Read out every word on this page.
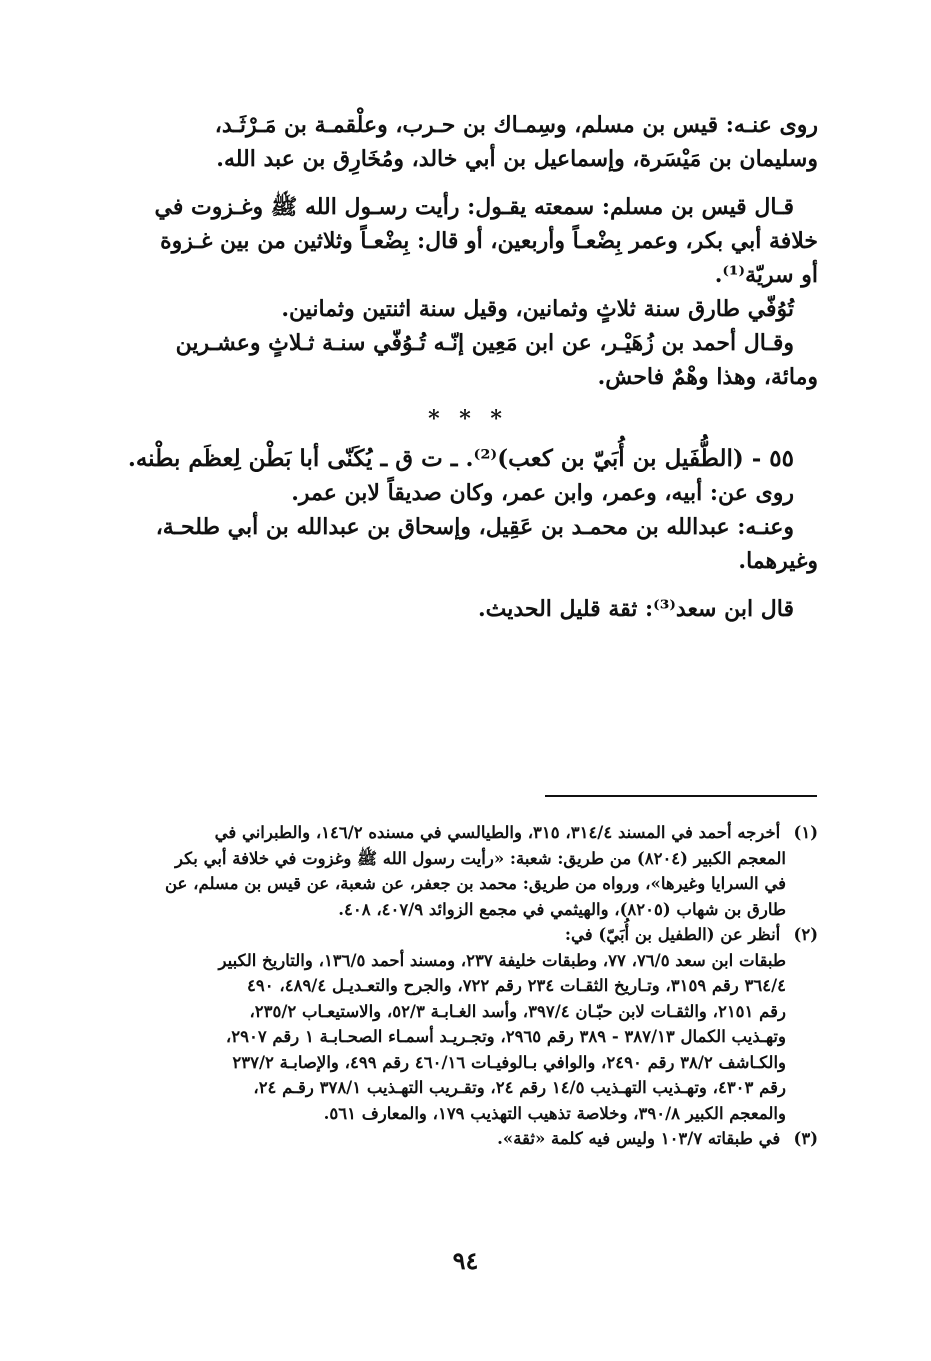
روى عنـه: قيس بن مسلم، وسِمـاك بن حـرب، وعلْقمـة بن مَـرْثَـد،

وسليمان بن مَيْسَرة، وإسماعيل بن أبي خالد، ومُخَارِق بن عبد الله.

قـال قيس بن مسلم: سمعته يقـول: رأيت رسـول الله ﷺ وغـزوت في

خلافة أبي بكر، وعمر بِضْعـاً وأربعين، أو قال: بِضْعـاً وثلاثين من بين غـزوة

أو سريّة⁽¹⁾.

تُوُفّي طارق سنة ثلاثٍ وثمانين، وقيل سنة اثنتين وثمانين.

وقـال أحمد بن زُهَيْـر، عن ابن مَعِين إنّـه تُـوُفّي سنـة ثـلاثٍ وعشـرين

ومائة، وهذا وهْمٌ فاحش.

* * *

٥٥ - (الطُّفَيل بن أُبَيّ بن كعب)⁽²⁾. ـ ت ق ـ يُكَنّى أبا بَطْن لِعظَم بطْنه.

روى عن: أبيه، وعمر، وابن عمر، وكان صديقاً لابن عمر.

وعنـه: عبدالله بن محمـد بن عَقِيل، وإسحاق بن عبدالله بن أبي طلحـة،

وغيرهما.

قال ابن سعد⁽³⁾: ثقة قليل الحديث.

(١) أخرجه أحمد في المسند ٣١٤/٤، ٣١٥، والطيالسي في مسنده ١٤٦/٢، والطبراني في

المعجم الكبير (٨٢٠٤) من طريق: شعبة: «رأيت رسول الله ﷺ وغزوت في خلافة أبي بكر

في السرايا وغيرها»، ورواه من طريق: محمد بن جعفر، عن شعبة، عن قيس بن مسلم، عن

طارق بن شهاب (٨٢٠٥)، والهيثمي في مجمع الزوائد ٤٠٧/٩، ٤٠٨.

(٢) أنظر عن (الطفيل بن أُبَيّ) في:

طبقات ابن سعد ٧٦/٥، ٧٧، وطبقات خليفة ٢٣٧، ومسند أحمد ١٣٦/٥، والتاريخ الكبير

٣٦٤/٤ رقم ٣١٥٩، وتـاريخ الثقـات ٢٣٤ رقم ٧٢٢، والجرح والتعـديـل ٤٨٩/٤، ٤٩٠

رقم ٢١٥١، والثقـات لابن حبّـان ٣٩٧/٤، وأسد الغـابـة ٥٢/٣، والاستيعـاب ٢٣٥/٢،

وتهـذيب الكمال ٣٨٧/١٣ - ٣٨٩ رقم ٢٩٦٥، وتجـريـد أسمـاء الصحـابـة ١ رقم ٢٩٠٧،

والكـاشف ٣٨/٢ رقم ٢٤٩٠، والوافي بـالوفيـات ٤٦٠/١٦ رقم ٤٩٩، والإصابـة ٢٣٧/٢

رقم ٤٣٠٣، وتهـذيب التهـذيب ١٤/٥ رقم ٢٤، وتقـريب التهـذيب ٣٧٨/١ رقـم ٢٤،

والمعجم الكبير ٣٩٠/٨، وخلاصة تذهيب التهذيب ١٧٩، والمعارف ٥٦١.

(٣) في طبقاته ١٠٣/٧ وليس فيه كلمة «ثقة».

٩٤
